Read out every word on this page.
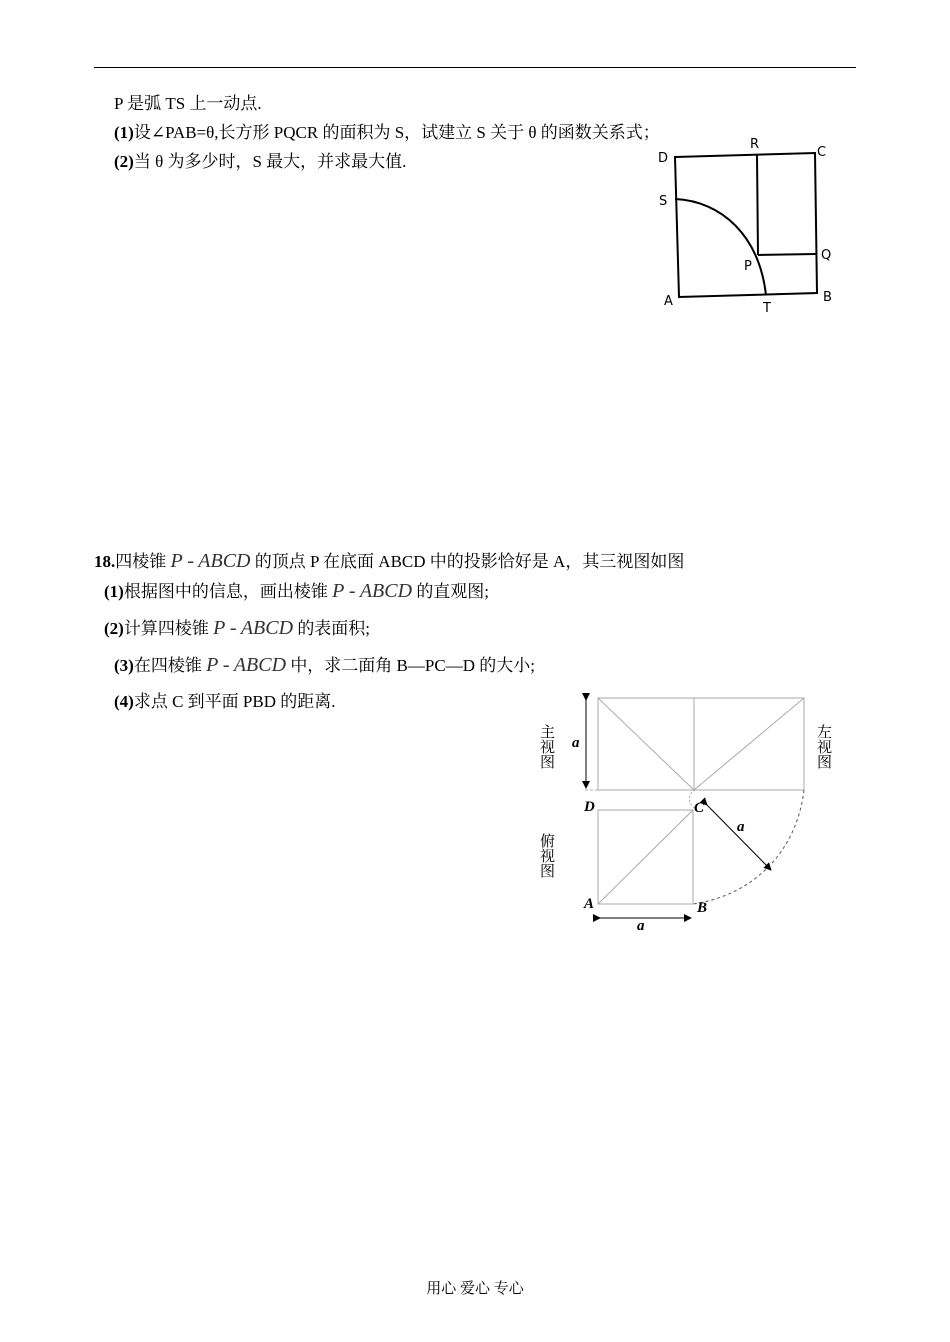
P 是弧 TS 上一动点.
(1)设∠PAB=θ,长方形 PQCR 的面积为 S，试建立 S 关于 θ 的函数关系式；
(2)当 θ 为多少时，S 最大，并求最大值.	D
R
C
S
Q
P
A	T
B
18.四棱锥 P - ABCD 的顶点 P 在底面 ABCD 中的投影恰好是 A，其三视图如图
(1)根据图中的信息，画出棱锥 P - ABCD 的直观图;
(2)计算四棱锥 P - ABCD 的表面积;
(3)在四棱锥 P - ABCD 中，求二面角 B—PC—D 的大小;
(4)求点 C 到平面 PBD 的距离.
主视图	左视图
俯视图
a
a
a
D	C
A	B
用心 爱心 专心
